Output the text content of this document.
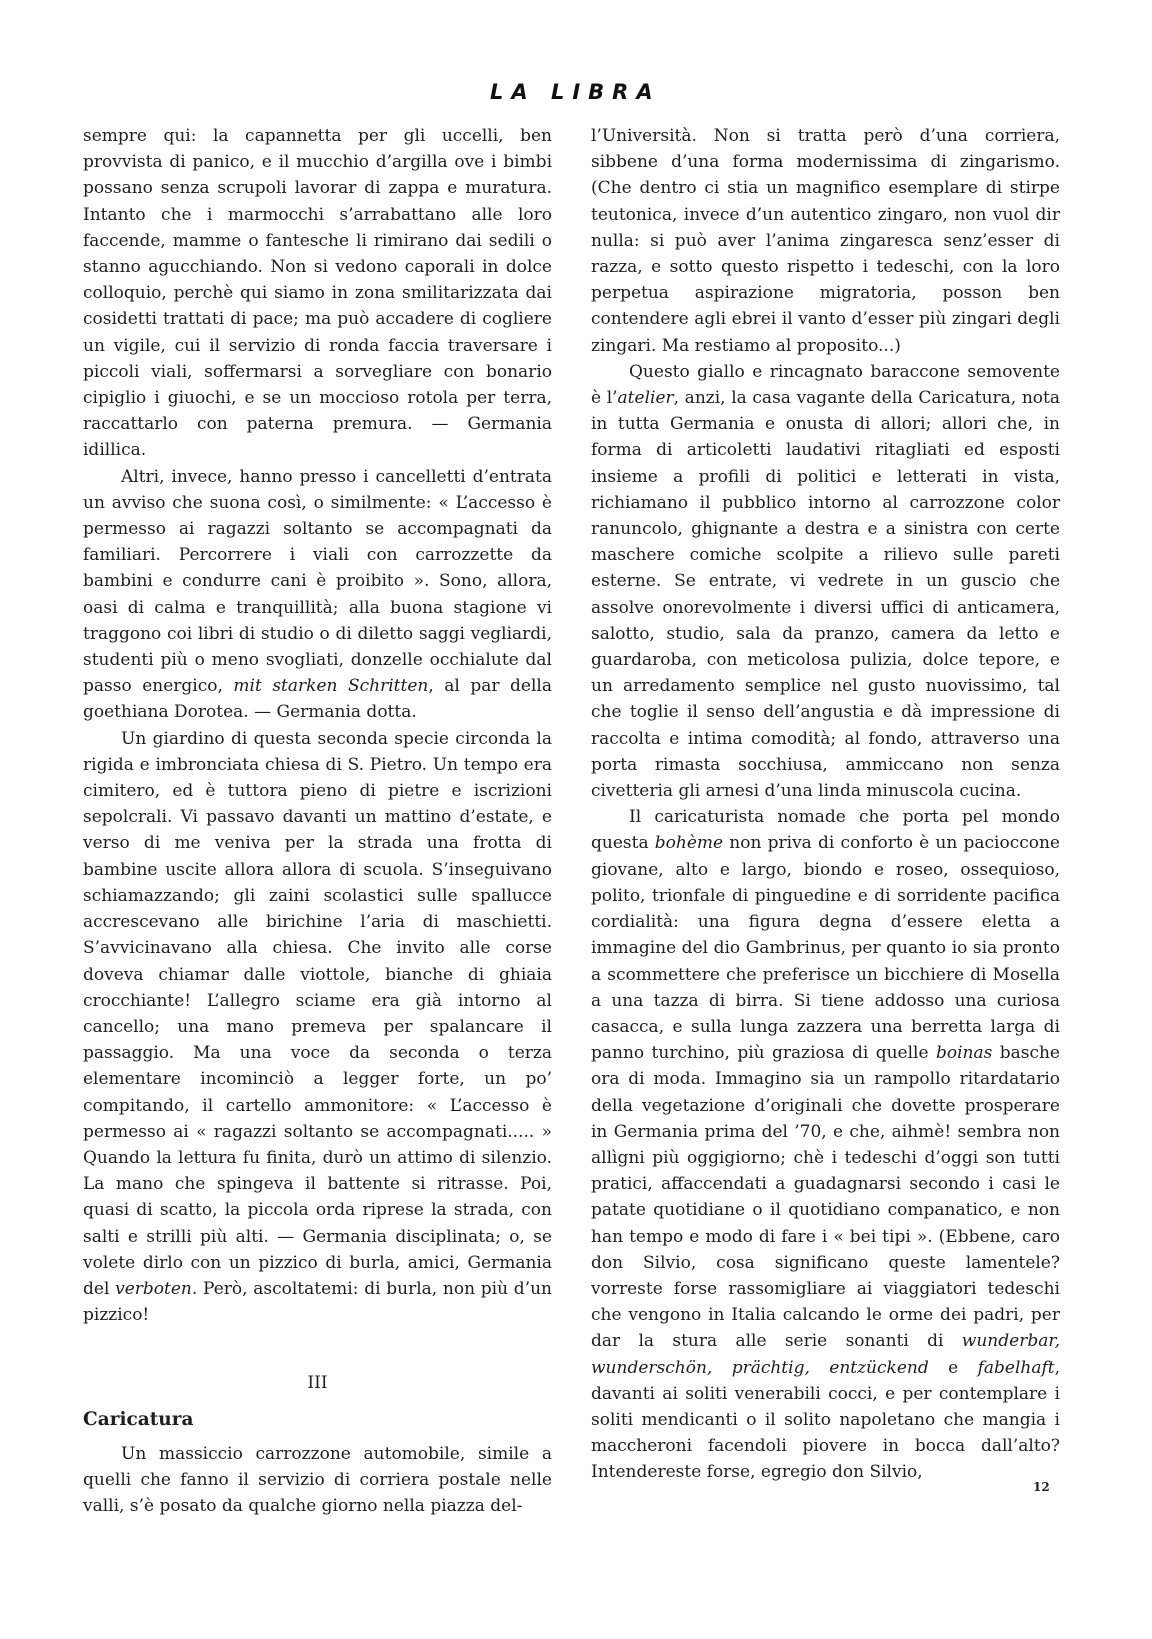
LA LIBRA

sempre qui: la capannetta per gli uccelli, ben provvista di panico, e il mucchio d’argilla ove i bimbi possano senza scrupoli lavorar di zappa e muratura. Intanto che i marmocchi s’arrabattano alle loro faccende, mamme o fantesche li rimirano dai sedili o stanno agucchiando. Non si vedono caporali in dolce colloquio, perchè qui siamo in zona smilitarizzata dai cosidetti trattati di pace; ma può accadere di cogliere un vigile, cui il servizio di ronda faccia traversare i piccoli viali, soffermarsi a sorvegliare con bonario cipiglio i giuochi, e se un moccioso rotola per terra, raccattarlo con paterna premura. — Germania idillica.

Altri, invece, hanno presso i cancelletti d’entrata un avviso che suona così, o similmente: « L’accesso è permesso ai ragazzi soltanto se accompagnati da familiari. Percorrere i viali con carrozzette da bambini e condurre cani è proibito ». Sono, allora, oasi di calma e tranquillità; alla buona stagione vi traggono coi libri di studio o di diletto saggi vegliardi, studenti più o meno svogliati, donzelle occhialute dal passo energico, mit starken Schritten, al par della goethiana Dorotea. — Germania dotta.

Un giardino di questa seconda specie circonda la rigida e imbronciata chiesa di S. Pietro. Un tempo era cimitero, ed è tuttora pieno di pietre e iscrizioni sepolcrali. Vi passavo davanti un mattino d’estate, e verso di me veniva per la strada una frotta di bambine uscite allora allora di scuola. S’inseguivano schiamazzando; gli zaini scolastici sulle spallucce accrescevano alle birichine l’aria di maschietti. S’avvicinavano alla chiesa. Che invito alle corse doveva chiamar dalle viottole, bianche di ghiaia crocchiante! L’allegro sciame era già intorno al cancello; una mano premeva per spalancare il passaggio. Ma una voce da seconda o terza elementare incominciò a legger forte, un po’ compitando, il cartello ammonitore: « L’accesso è permesso ai « ragazzi soltanto se accompagnati..... » Quando la lettura fu finita, durò un attimo di silenzio. La mano che spingeva il battente si ritrasse. Poi, quasi di scatto, la piccola orda riprese la strada, con salti e strilli più alti. — Germania disciplinata; o, se volete dirlo con un pizzico di burla, amici, Germania del verboten. Però, ascoltatemi: di burla, non più d’un pizzico!

III
Caricatura

Un massiccio carrozzone automobile, simile a quelli che fanno il servizio di corriera postale nelle valli, s’è posato da qualche giorno nella piazza del-

l’Università. Non si tratta però d’una corriera, sibbene d’una forma modernissima di zingarismo. (Che dentro ci stia un magnifico esemplare di stirpe teutonica, invece d’un autentico zingaro, non vuol dir nulla: si può aver l’anima zingaresca senz’esser di razza, e sotto questo rispetto i tedeschi, con la loro perpetua aspirazione migratoria, posson ben contendere agli ebrei il vanto d’esser più zingari degli zingari. Ma restiamo al proposito...)

Questo giallo e rincagnato baraccone semovente è l’atelier, anzi, la casa vagante della Caricatura, nota in tutta Germania e onusta di allori; allori che, in forma di articoletti laudativi ritagliati ed esposti insieme a profili di politici e letterati in vista, richiamano il pubblico intorno al carrozzone color ranuncolo, ghignante a destra e a sinistra con certe maschere comiche scolpite a rilievo sulle pareti esterne. Se entrate, vi vedrete in un guscio che assolve onorevolmente i diversi uffici di anticamera, salotto, studio, sala da pranzo, camera da letto e guardaroba, con meticolosa pulizia, dolce tepore, e un arredamento semplice nel gusto nuovissimo, tal che toglie il senso dell’angustia e dà impressione di raccolta e intima comodità; al fondo, attraverso una porta rimasta socchiusa, ammiccano non senza civetteria gli arnesi d’una linda minuscola cucina.

Il caricaturista nomade che porta pel mondo questa bohème non priva di conforto è un pacioccone giovane, alto e largo, biondo e roseo, ossequioso, polito, trionfale di pinguedine e di sorridente pacifica cordialità: una figura degna d’essere eletta a immagine del dio Gambrinus, per quanto io sia pronto a scommettere che preferisce un bicchiere di Mosella a una tazza di birra. Si tiene addosso una curiosa casacca, e sulla lunga zazzera una berretta larga di panno turchino, più graziosa di quelle boinas basche ora di moda. Immagino sia un rampollo ritardatario della vegetazione d’originali che dovette prosperare in Germania prima del ’70, e che, aihmè! sembra non allìgni più oggigiorno; chè i tedeschi d’oggi son tutti pratici, affaccendati a guadagnarsi secondo i casi le patate quotidiane o il quotidiano companatico, e non han tempo e modo di fare i « bei tipi ». (Ebbene, caro don Silvio, cosa significano queste lamentele? vorreste forse rassomigliare ai viaggiatori tedeschi che vengono in Italia calcando le orme dei padri, per dar la stura alle serie sonanti di wunderbar, wunderschön, prächtig, entzückend e fabelhaft, davanti ai soliti venerabili cocci, e per contemplare i soliti mendicanti o il solito napoletano che mangia i maccheroni facendoli piovere in bocca dall’alto? Intendereste forse, egregio don Silvio,

12
